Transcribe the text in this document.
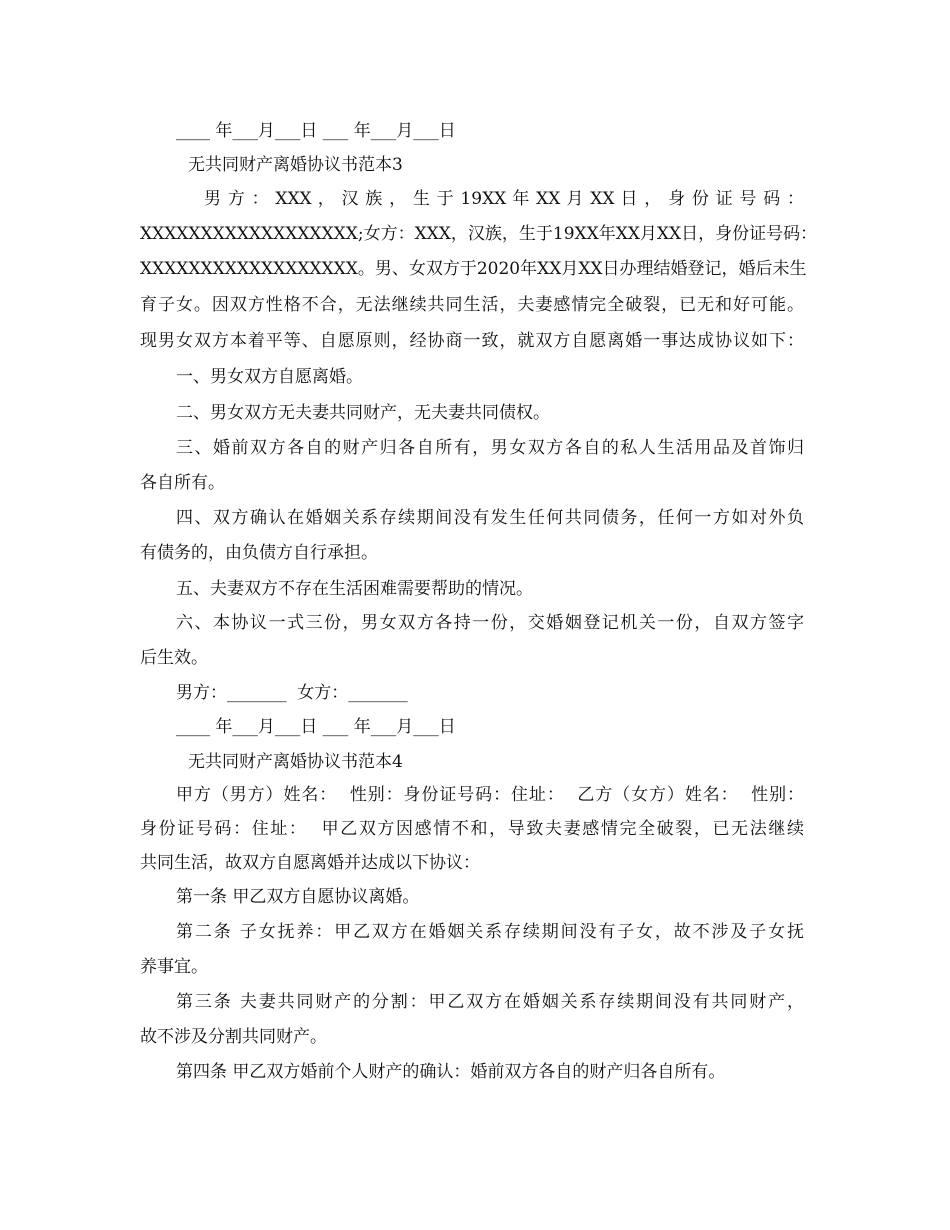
____ 年___月___日 ___ 年___月___日
无共同财产离婚协议书范本3
男 方 ： XXX ， 汉 族 ， 生 于 19XX 年 XX 月 XX 日 ， 身 份 证 号 码 ：
XXXXXXXXXXXXXXXXXX;女方：XXX，汉族，生于19XX年XX月XX日，身份证号码：
XXXXXXXXXXXXXXXXXX。男、女双方于2020年XX月XX日办理结婚登记，婚后未生
育子女。因双方性格不合，无法继续共同生活，夫妻感情完全破裂，已无和好可能。
现男女双方本着平等、自愿原则，经协商一致，就双方自愿离婚一事达成协议如下：
一、男女双方自愿离婚。
二、男女双方无夫妻共同财产，无夫妻共同债权。
三、婚前双方各自的财产归各自所有，男女双方各自的私人生活用品及首饰归
各自所有。
四、双方确认在婚姻关系存续期间没有发生任何共同债务，任何一方如对外负
有债务的，由负债方自行承担。
五、夫妻双方不存在生活困难需要帮助的情况。
六、本协议一式三份，男女双方各持一份，交婚姻登记机关一份，自双方签字
后生效。
男方：_______  女方：_______
____ 年___月___日 ___ 年___月___日
无共同财产离婚协议书范本4
甲方（男方）姓名：  性别：身份证号码：住址：  乙方（女方）姓名：  性别：
身份证号码：住址：  甲乙双方因感情不和，导致夫妻感情完全破裂，已无法继续
共同生活，故双方自愿离婚并达成以下协议：
第一条 甲乙双方自愿协议离婚。
第二条 子女抚养：甲乙双方在婚姻关系存续期间没有子女，故不涉及子女抚
养事宜。
第三条 夫妻共同财产的分割：甲乙双方在婚姻关系存续期间没有共同财产，
故不涉及分割共同财产。
第四条 甲乙双方婚前个人财产的确认：婚前双方各自的财产归各自所有。
